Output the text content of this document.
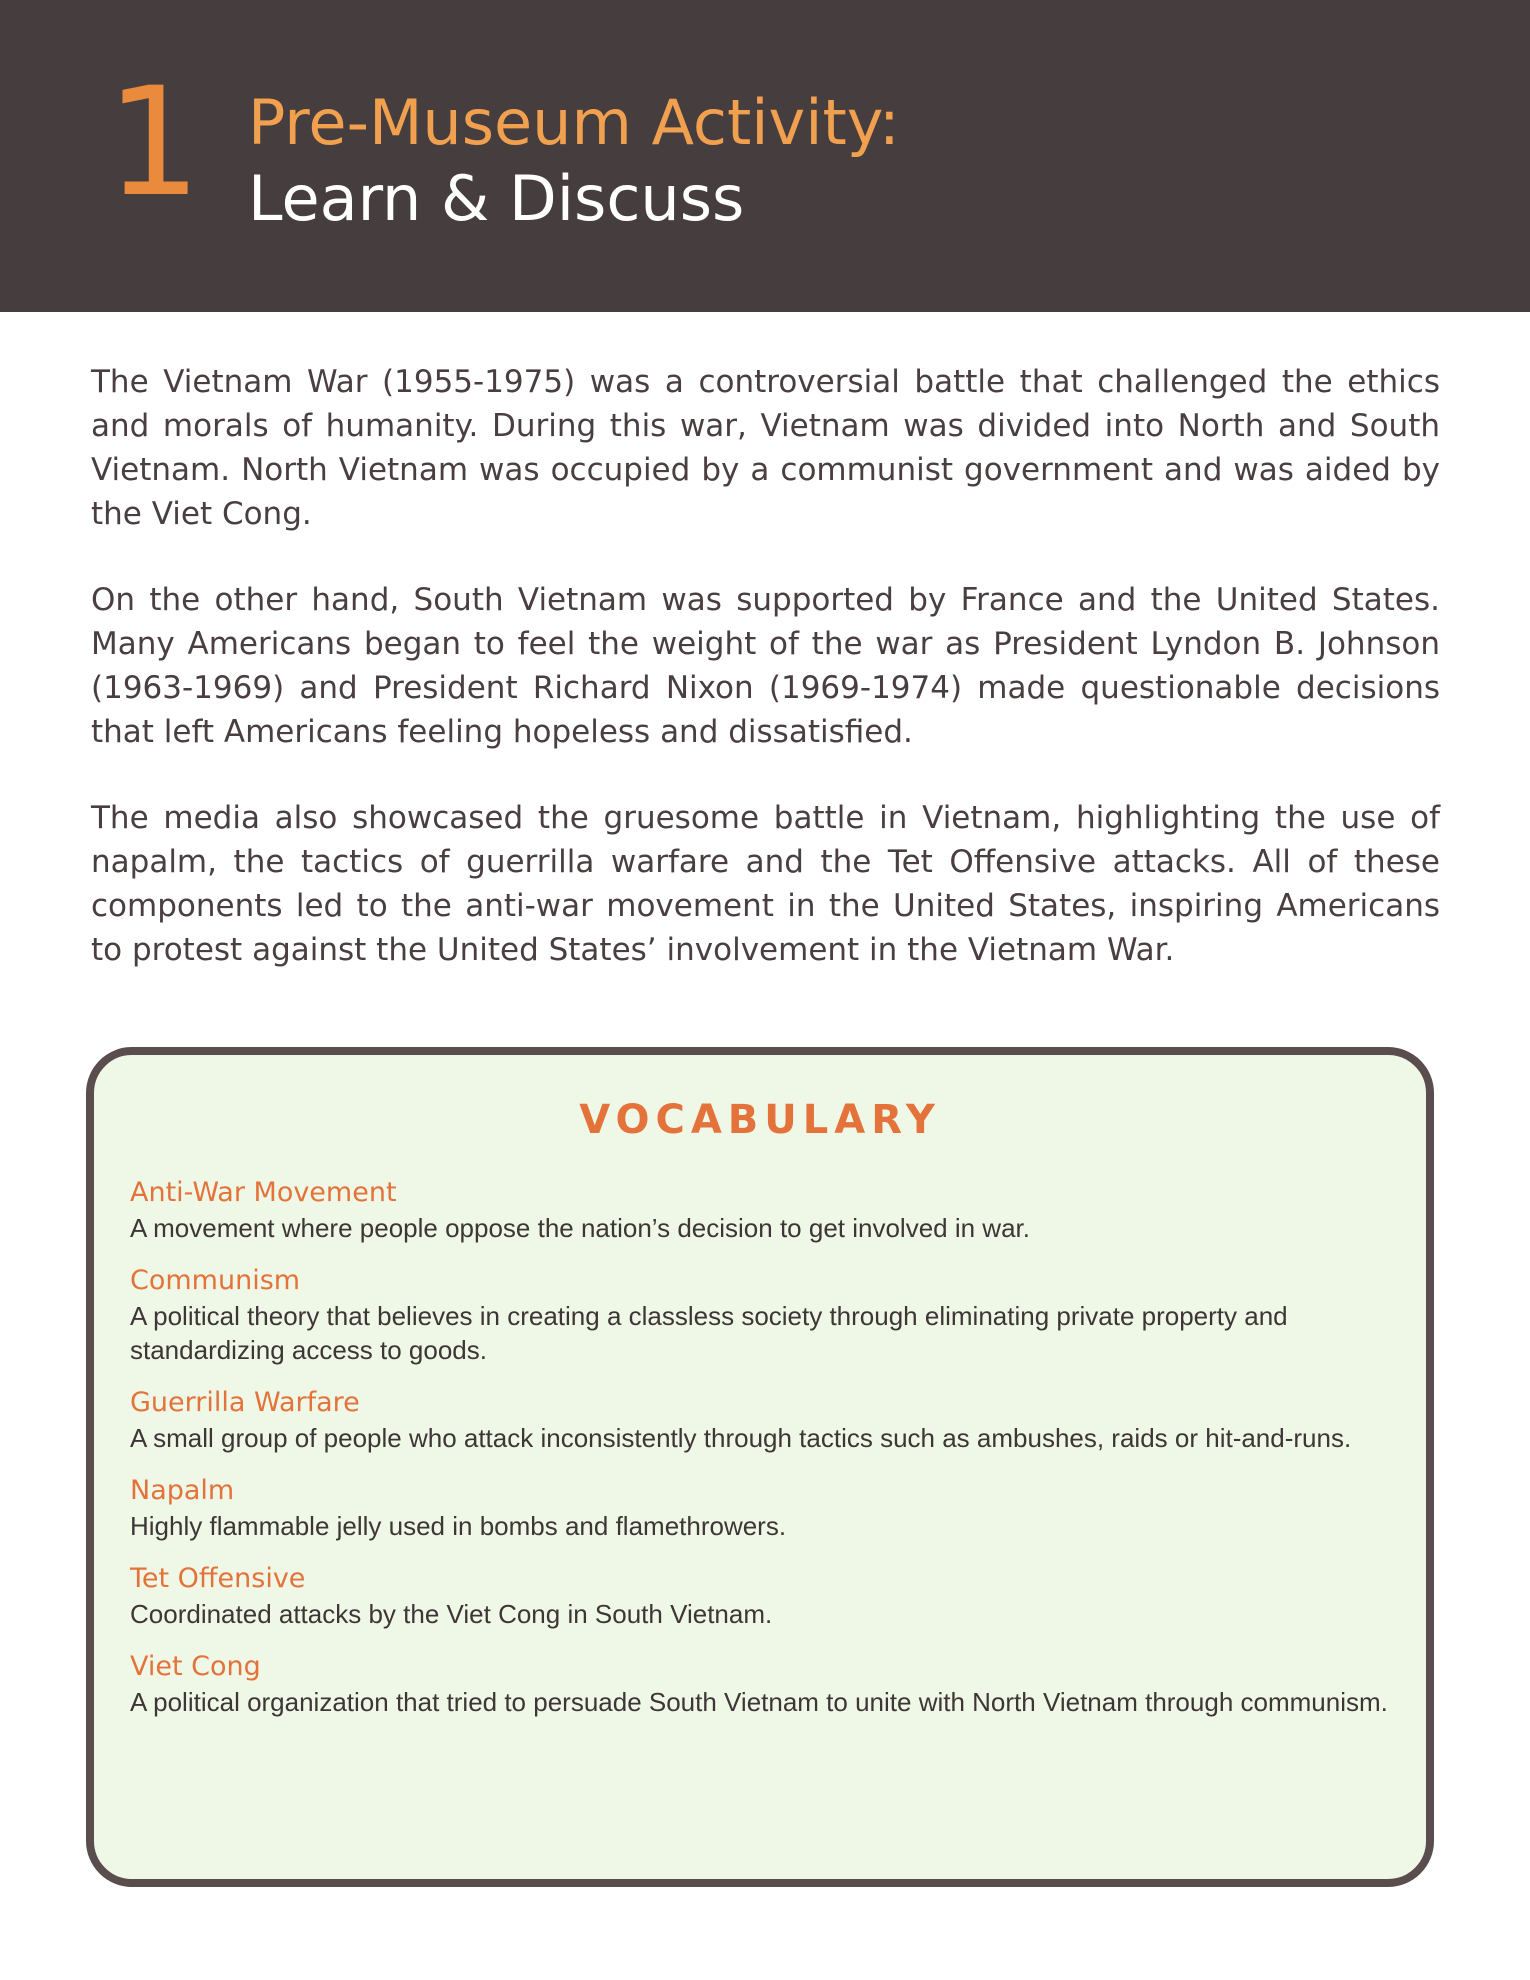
1 Pre-Museum Activity:
Learn & Discuss

The Vietnam War (1955-1975) was a controversial battle that challenged the ethics and morals of humanity. During this war, Vietnam was divided into North and South Vietnam. North Vietnam was occupied by a communist government and was aided by the Viet Cong.

On the other hand, South Vietnam was supported by France and the United States. Many Americans began to feel the weight of the war as President Lyndon B. Johnson (1963-1969) and President Richard Nixon (1969-1974) made questionable decisions that left Americans feeling hopeless and dissatisfied.

The media also showcased the gruesome battle in Vietnam, highlighting the use of napalm, the tactics of guerrilla warfare and the Tet Offensive attacks. All of these components led to the anti-war movement in the United States, inspiring Americans to protest against the United States’ involvement in the Vietnam War.

VOCABULARY
Anti-War Movement
A movement where people oppose the nation’s decision to get involved in war.
Communism
A political theory that believes in creating a classless society through eliminating private property and standardizing access to goods.
Guerrilla Warfare
A small group of people who attack inconsistently through tactics such as ambushes, raids or hit-and-runs.
Napalm
Highly flammable jelly used in bombs and flamethrowers.
Tet Offensive
Coordinated attacks by the Viet Cong in South Vietnam.
Viet Cong
A political organization that tried to persuade South Vietnam to unite with North Vietnam through communism.
